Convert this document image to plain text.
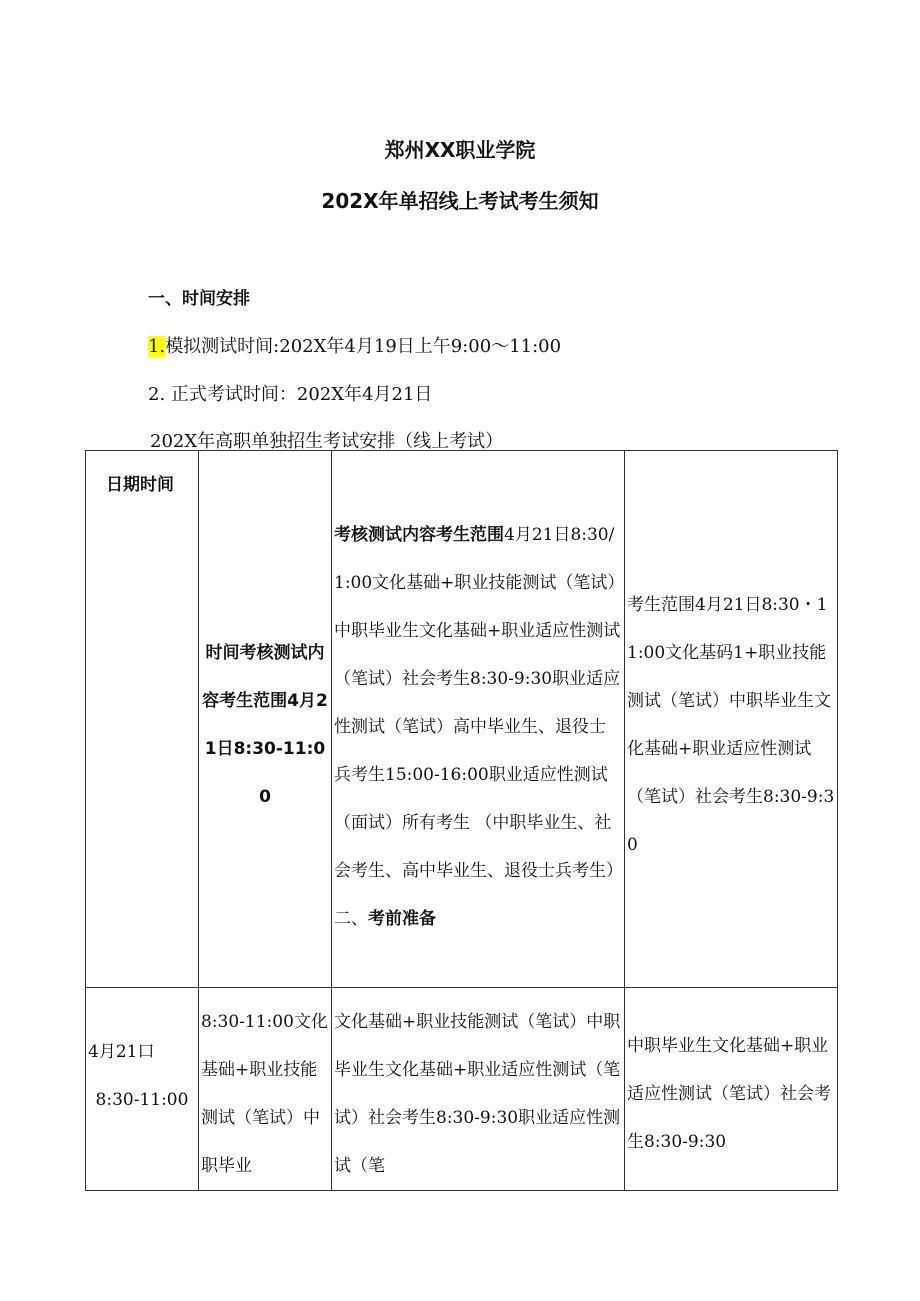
郑州XX职业学院
202X年单招线上考试考生须知
一、时间安排
1.模拟测试时间:202X年4月19日上午9:00～11:00
2. 正式考试时间：202X年4月21日
202X年高职单独招生考试安排（线上考试）
日期时间	时间考核测试内容考生范围4月21日8:30-11:00	考核测试内容考生范围4月21日8:30/1:00文化基础+职业技能测试（笔试）中职毕业生文化基础+职业适应性测试（笔试）社会考生8:30-9:30职业适应性测试（笔试）高中毕业生、退役士兵考生15:00-16:00职业适应性测试（面试）所有考生 （中职毕业生、社会考生、高中毕业生、退役士兵考生）二、考前准备	考生范围4月21日8:30・11:00文化基码1+职业技能测试（笔试）中职毕业生文化基础+职业适应性测试（笔试）社会考生8:30-9:30

4月21口
8:30-11:00	8:30-11:00文化基础+职业技能测试（笔试）中职毕业	文化基础+职业技能测试（笔试）中职毕业生文化基础+职业适应性测试（笔试）社会考生8:30-9:30职业适应性测试（笔	中职毕业生文化基础+职业适应性测试（笔试）社会考生8:30-9:30
